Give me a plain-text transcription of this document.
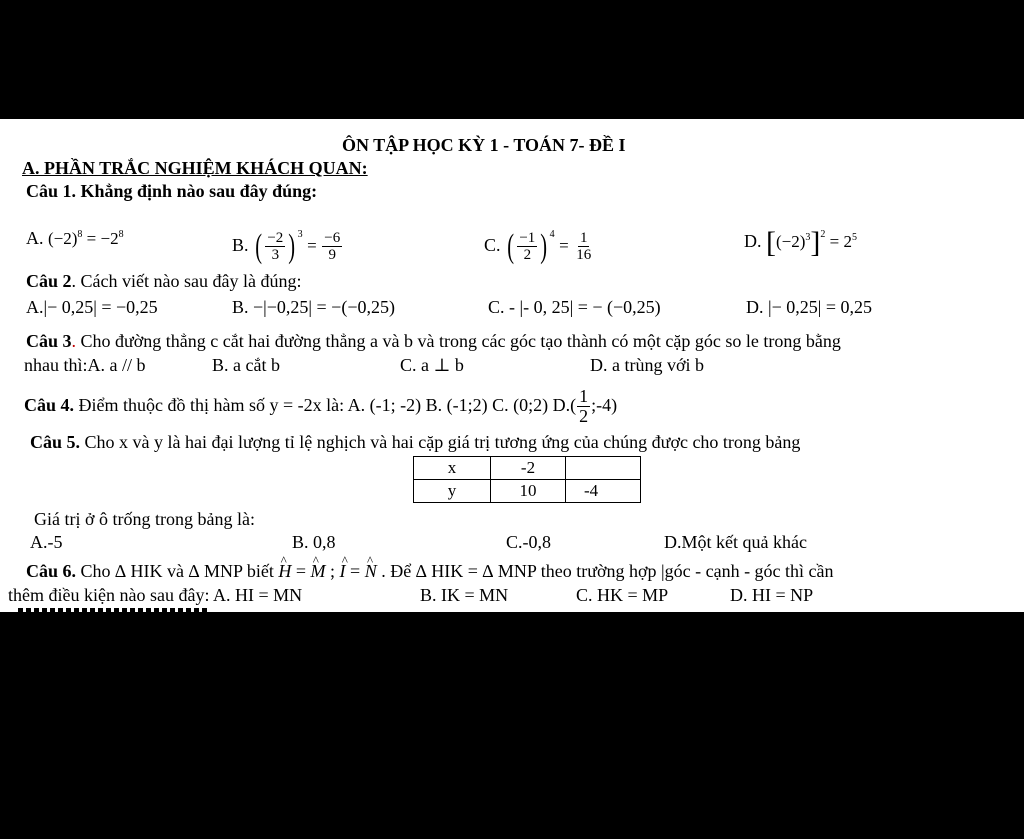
ÔN TẬP HỌC KỲ 1 - TOÁN 7- ĐỀ I
A. PHẦN TRẮC NGHIỆM KHÁCH QUAN:
Câu 1. Khẳng định nào sau đây đúng:
A. $(-2)^8 = -2^8$
B. ( $\frac{-2}{3}$ ) $^3 = \frac{-6}{9}$	C. ( $\frac{-1}{2}$ ) $^4 = \frac{1}{16}$	D. $[(-2)^3]^2 = 2^5$
Câu 2. Cách viết nào sau đây là đúng:
A.|− 0,25| = −0,25	B. −|−0,25| = −(−0,25)	C. - |- 0, 25| = − (−0,25)	D. |− 0,25| = 0,25
Câu 3. Cho đường thẳng c cắt hai đường thẳng a và b và trong các góc tạo thành có một cặp góc so le trong bằng
nhau thì:A. a // b	B. a cắt b	C. a ⊥ b	D. a trùng với b
Câu 4. Điểm thuộc đồ thị hàm số y = -2x là: A. (-1; -2) B. (-1;2) C. (0;2) $D.( \frac{1}{2}$ ;-4)
Câu 5. Cho x và y là hai đại lượng tỉ lệ nghịch và hai cặp giá trị tương ứng của chúng được cho trong bảng
x	-2	
y	10	-4
Giá trị ở ô trống trong bảng là:
A.-5	B. 0,8	C.-0,8	D.Một kết quả khác
Câu 6. Cho ∆ HIK và ∆ MNP biết ^ H = ^ M ; ^ I = ^ N . Để ∆ HIK = ∆ MNP theo trường hợp |góc - cạnh - góc thì cần
thêm điều kiện nào sau đây: A. HI = MN	B. IK = MN	C. HK = MP	D. HI = NP
